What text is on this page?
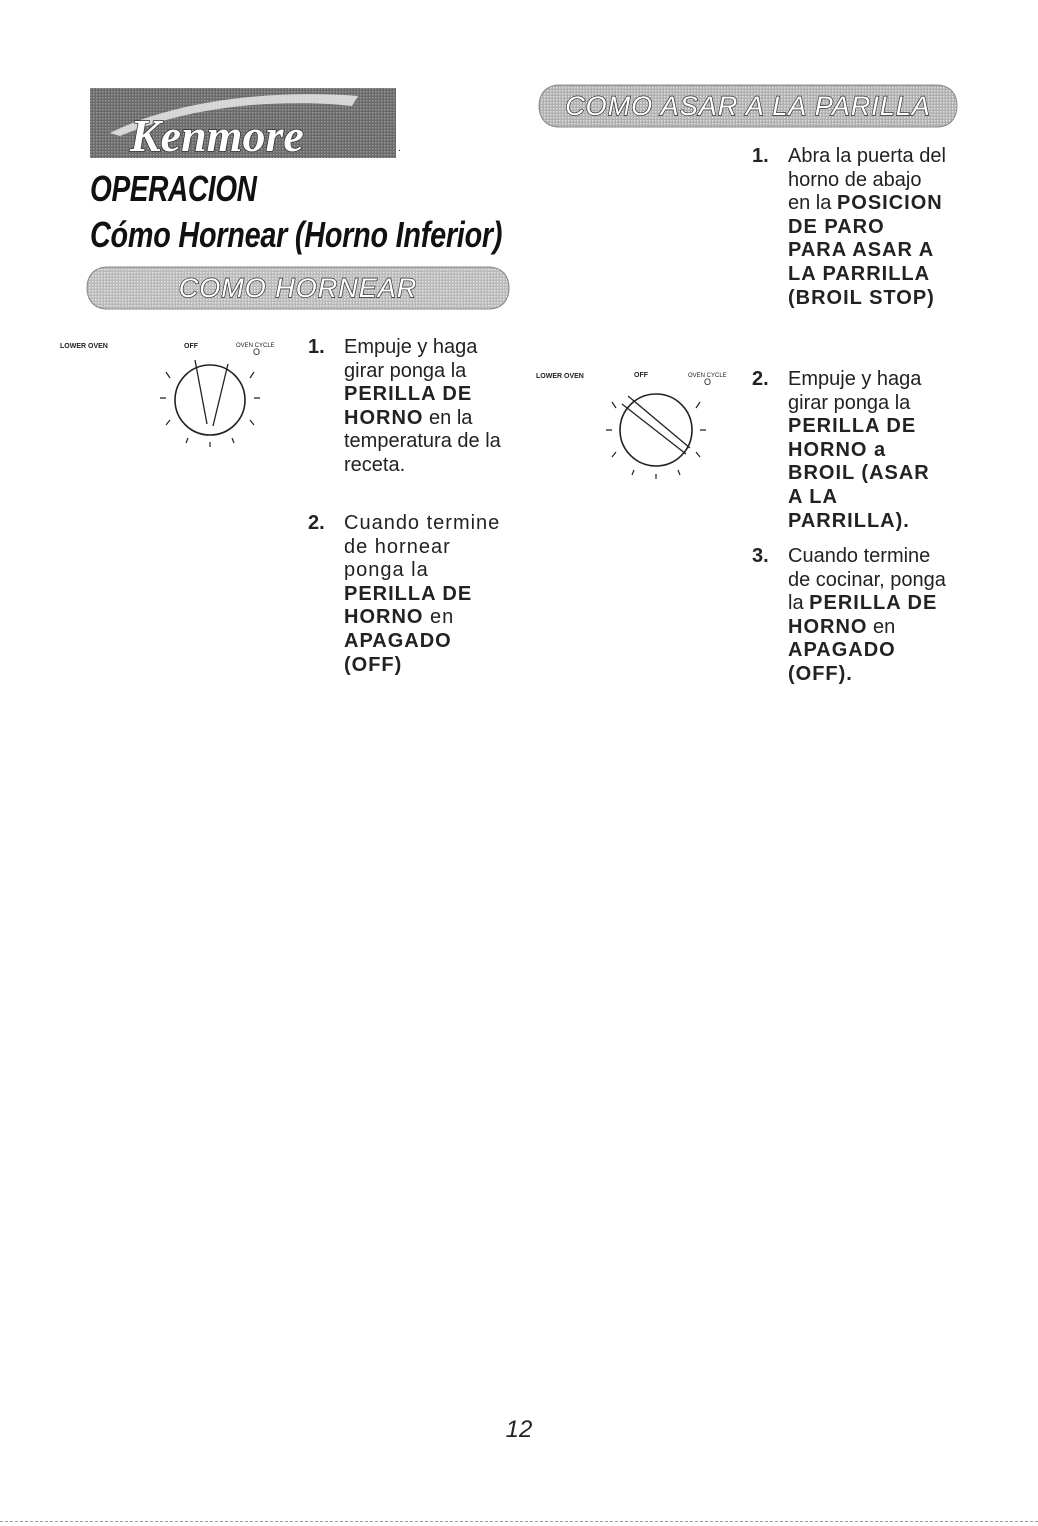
Kenmore	.
OPERACION
Cómo Hornear (Horno Inferior)
COMO HORNEAR
COMO ASAR A LA PARILLA
LOWER OVEN	OFF	OVEN CYCLE
O
LOWER OVEN	OFF	OVEN CYCLE
O
1. Empuje y haga girar ponga la PERILLA DE HORNO en la temperatura de la receta.
2. Cuando termine de hornear ponga la PERILLA DE HORNO en APAGADO (OFF)
1. Abra la puerta del horno de abajo en la POSICION DE PARO PARA ASAR A LA PARRILLA (BROIL STOP)
2. Empuje y haga girar ponga la PERILLA DE HORNO a BROIL (ASAR A LA PARRILLA).
3. Cuando termine de cocinar, ponga la PERILLA DE HORNO en APAGADO (OFF).

12
